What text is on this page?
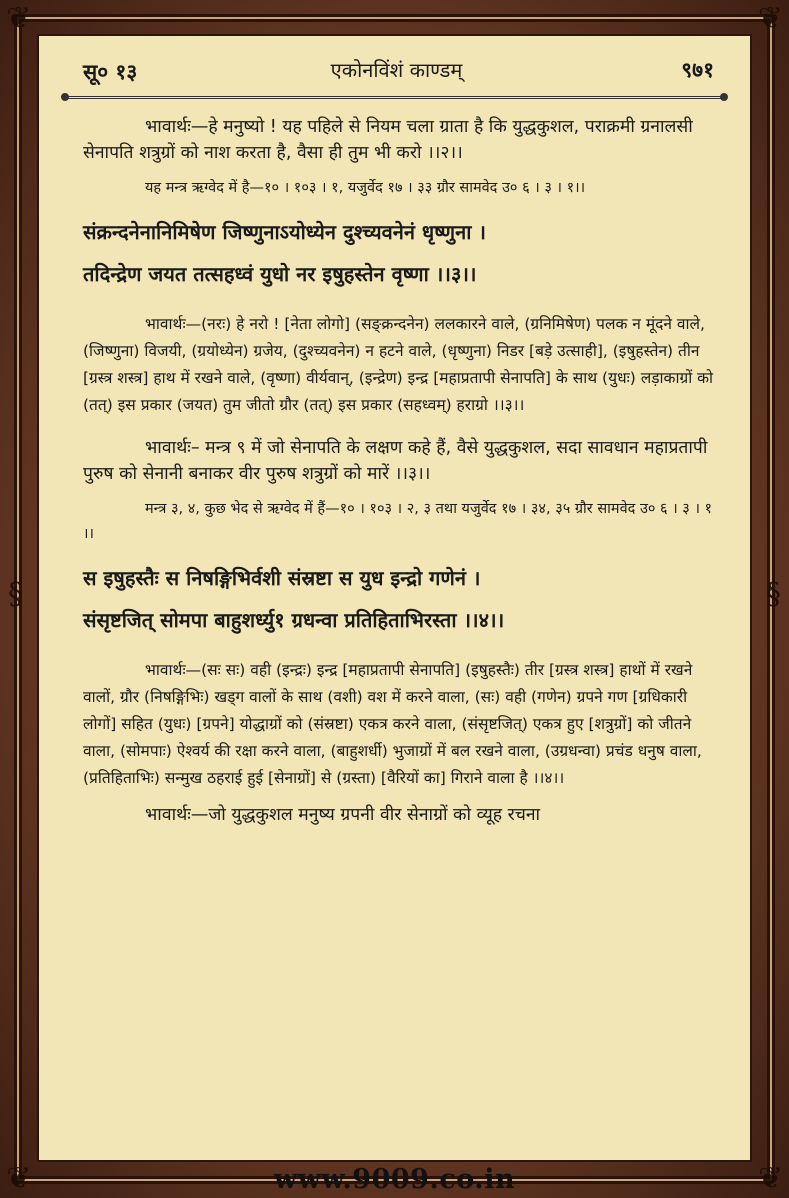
❦	❦
❦	❦
§	§
एकोनविंशं काण्डम्
सू० १३	९७१

भावार्थः—हे मनुष्यो ! यह पहिले से नियम चला ग्राता है कि युद्धकुशल, पराक्रमी ग्रनालसी सेनापति शत्रुग्रों को नाश करता है, वैसा ही तुम भी करो ।।२।।

यह मन्त्र ऋग्वेद में है—१० । १०३ । १, यजुर्वेद १७ । ३३ ग्रौर सामवेद उ० ६ । ३ । १।।

संक्रन्दनेनानिमिषेण जिष्णुनाऽयोध्येन दुश्च्यवनेनं धृष्णुना ।
तदिन्द्रेण जयत तत्सहध्वं युधो नर इषुहस्तेन वृष्णा ।।३।।

भावार्थः—(नरः) हे नरो ! [नेता लोगो] (सङ्क्रन्दनेन) ललकारने वाले, (ग्रनिमिषेण) पलक न मूंदने वाले, (जिष्णुना) विजयी, (ग्रयोध्येन) ग्रजेय, (दुश्च्यवनेन) न हटने वाले, (धृष्णुना) निडर [बड़े उत्साही], (इषुहस्तेन) तीन [ग्रस्त्र शस्त्र] हाथ में रखने वाले, (वृष्णा) वीर्यवान्, (इन्द्रेण) इन्द्र [महाप्रतापी सेनापति] के साथ (युधः) लड़ाकाग्रों को (तत्) इस प्रकार (जयत) तुम जीतो ग्रौर (तत्) इस प्रकार (सहध्वम्) हराग्रो ।।३।।

भावार्थः– मन्त्र ९ में जो सेनापति के लक्षण कहे हैं, वैसे युद्धकुशल, सदा सावधान महाप्रतापी पुरुष को सेनानी बनाकर वीर पुरुष शत्रुग्रों को मारें ।।३।।

मन्त्र ३, ४, कुछ भेद से ऋग्वेद में हैं—१० । १०३ । २, ३ तथा यजुर्वेद १७ । ३४, ३५ ग्रौर सामवेद उ० ६ । ३ । १ ।।

स इषुहस्तैः स निषङ्गिभिर्वशी संस्रष्टा स युध इन्द्रो गणेनं ।
संसृष्टजित् सोमपा बाहुशर्ध्यु१ ग्रधन्वा प्रतिहिताभिरस्ता ।।४।।

भावार्थः—(सः सः) वही (इन्द्रः) इन्द्र [महाप्रतापी सेनापति] (इषुहस्तैः) तीर [ग्रस्त्र शस्त्र] हाथों में रखने वालों, ग्रौर (निषङ्गिभिः) खड्ग वालों के साथ (वशी) वश में करने वाला, (सः) वही (गणेन) ग्रपने गण [ग्रधिकारी लोगों] सहित (युधः) [ग्रपने] योद्धाग्रों को (संस्रष्टा) एकत्र करने वाला, (संसृष्टजित्) एकत्र हुए [शत्रुग्रों] को जीतने वाला, (सोमपाः) ऐश्वर्य की रक्षा करने वाला, (बाहुशर्धी) भुजाग्रों में बल रखने वाला, (उग्रधन्वा) प्रचंड धनुष वाला, (प्रतिहिताभिः) सन्मुख ठहराई हुई [सेनाग्रों] से (ग्रस्ता) [वैरियों का] गिराने वाला है ।।४।।

भावार्थः—जो युद्धकुशल मनुष्य ग्रपनी वीर सेनाग्रों को व्यूह रचना

www.9009.co.in
